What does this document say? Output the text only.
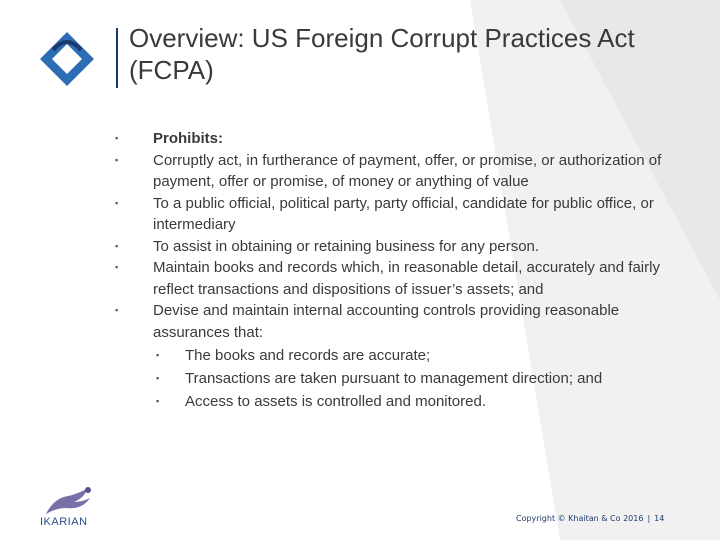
Overview: US Foreign Corrupt Practices Act (FCPA)
▪ Prohibits:
▪ Corruptly act, in furtherance of payment, offer, or promise, or authorization of payment, offer or promise, of money or anything of value
▪ To a public official, political party, party official, candidate for public office, or intermediary
▪ To assist in obtaining or retaining business for any person.
▪ Maintain books and records which, in reasonable detail, accurately and fairly reflect transactions and dispositions of issuer’s assets; and
▪ Devise and maintain internal accounting controls providing reasonable assurances that:
▪ The books and records are accurate;
▪ Transactions are taken pursuant to management direction; and
▪ Access to assets is controlled and monitored.
IKARIAN	Copyright © Khaitan & Co 2016 | 14
